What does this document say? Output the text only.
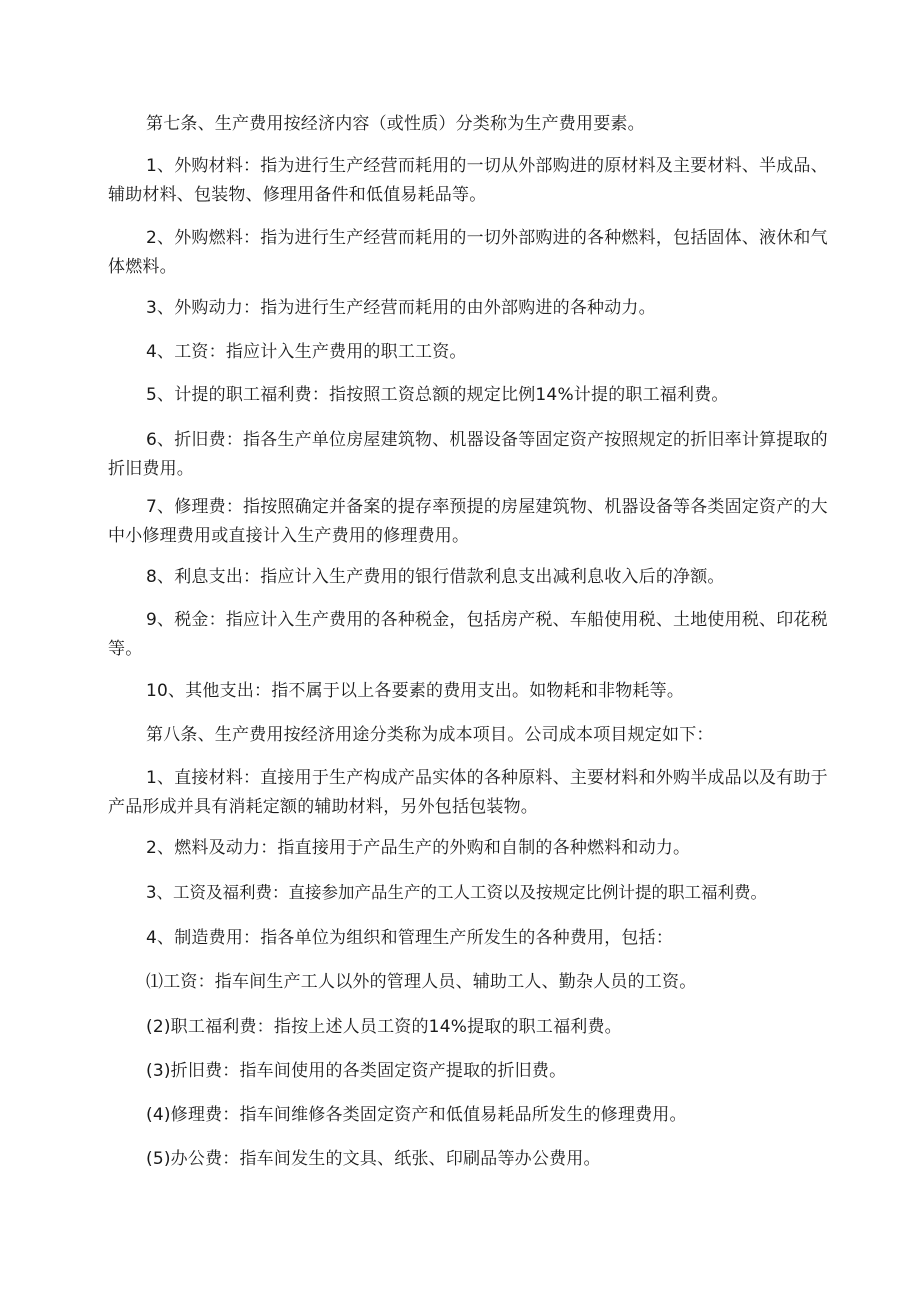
第七条、生产费用按经济内容（或性质）分类称为生产费用要素。

1、外购材料：指为进行生产经营而耗用的一切从外部购进的原材料及主要材料、半成品、辅助材料、包装物、修理用备件和低值易耗品等。

2、外购燃料：指为进行生产经营而耗用的一切外部购进的各种燃料，包括固体、液休和气体燃料。

3、外购动力：指为进行生产经营而耗用的由外部购进的各种动力。

4、工资：指应计入生产费用的职工工资。

5、计提的职工福利费：指按照工资总额的规定比例14%计提的职工福利费。

6、折旧费：指各生产单位房屋建筑物、机器设备等固定资产按照规定的折旧率计算提取的折旧费用。

7、修理费：指按照确定并备案的提存率预提的房屋建筑物、机器设备等各类固定资产的大中小修理费用或直接计入生产费用的修理费用。

8、利息支出：指应计入生产费用的银行借款利息支出减利息收入后的净额。

9、税金：指应计入生产费用的各种税金，包括房产税、车船使用税、土地使用税、印花税等。

10、其他支出：指不属于以上各要素的费用支出。如物耗和非物耗等。

第八条、生产费用按经济用途分类称为成本项目。公司成本项目规定如下：

1、直接材料：直接用于生产构成产品实体的各种原料、主要材料和外购半成品以及有助于产品形成并具有消耗定额的辅助材料，另外包括包装物。

2、燃料及动力：指直接用于产品生产的外购和自制的各种燃料和动力。

3、工资及福利费：直接参加产品生产的工人工资以及按规定比例计提的职工福利费。

4、制造费用：指各单位为组织和管理生产所发生的各种费用，包括：

⑴工资：指车间生产工人以外的管理人员、辅助工人、勤杂人员的工资。

(2)职工福利费：指按上述人员工资的14%提取的职工福利费。

(3)折旧费：指车间使用的各类固定资产提取的折旧费。

(4)修理费：指车间维修各类固定资产和低值易耗品所发生的修理费用。

(5)办公费：指车间发生的文具、纸张、印刷品等办公费用。
